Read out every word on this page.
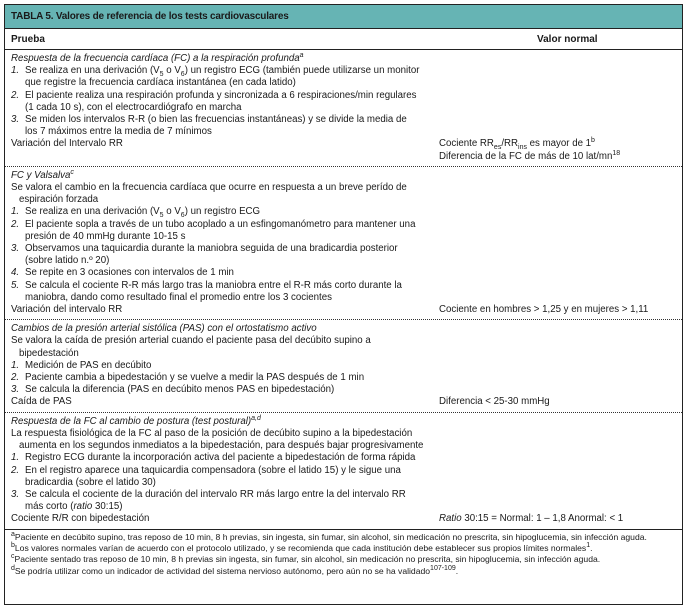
TABLA 5. Valores de referencia de los tests cardiovasculares
Prueba	Valor normal
Respuesta de la frecuencia cardíaca (FC) a la respiración profunda$^a$
1. Se realiza en una derivación ($V_5$ o $V_6$) un registro ECG (también puede utilizarse un monitor que registre la frecuencia cardíaca instantánea (en cada latido)
2. El paciente realiza una respiración profunda y sincronizada a 6 respiraciones/min regulares (1 cada 10 s), con el electrocardiógrafo en marcha
3. Se miden los intervalos R-R (o bien las frecuencias instantáneas) y se divide la media de los 7 máximos entre la media de 7 mínimos
Variación del Intervalo RR	Cociente $RR_{es}/RR_{ins}$ es mayor de 1$^b$
Diferencia de la FC de más de 10 lat/$mn^{18}$
FC y Valsalva$^c$
Se valora el cambio en la frecuencia cardíaca que ocurre en respuesta a un breve perído de espiración forzada
1. Se realiza en una derivación ($V_5$ o $V_6$) un registro ECG
2. El paciente sopla a través de un tubo acoplado a un esfingomanómetro para mantener una presión de 40 mmHg durante 10-15 s
3. Observamos una taquicardia durante la maniobra seguida de una bradicardia posterior (sobre latido n.º 20)
4. Se repite en 3 ocasiones con intervalos de 1 min
5. Se calcula el cociente R-R más largo tras la maniobra entre el R-R más corto durante la maniobra, dando como resultado final el promedio entre los 3 cocientes
Variación del intervalo RR	Cociente en hombres > 1,25 y en mujeres > 1,11
Cambios de la presión arterial sistólica (PAS) con el ortostatismo activo
Se valora la caída de presión arterial cuando el paciente pasa del decúbito supino a bipedestación
1. Medición de PAS en decúbito
2. Paciente cambia a bipedestación y se vuelve a medir la PAS después de 1 min
3. Se calcula la diferencia (PAS en decúbito menos PAS en bipedestación)
Caída de PAS	Diferencia < 25-30 mmHg
Respuesta de la FC al cambio de postura (test postural)$^{a,d}$
La respuesta fisiológica de la FC al paso de la posición de decúbito supino a la bipedestación aumenta en los segundos inmediatos a la bipedestación, para después bajar progresivamente
1. Registro ECG durante la incorporación activa del paciente a bipedestación de forma rápida
2. En el registro aparece una taquicardia compensadora (sobre el latido 15) y le sigue una bradicardia (sobre el latido 30)
3. Se calcula el cociente de la duración del intervalo RR más largo entre la del intervalo RR más corto (ratio 30:15)
Cociente R/R con bipedestación	Ratio 30:15 = Normal: 1 – 1,8 Anormal: < 1
$^a$Paciente en decúbito supino, tras reposo de 10 min, 8 h previas, sin ingesta, sin fumar, sin alcohol, sin medicación no prescrita, sin hipoglucemia, sin infección aguda.
$^b$Los valores normales varían de acuerdo con el protocolo utilizado, y se recomienda que cada institución debe establecer sus propios límites normales$^1$.
$^c$Paciente sentado tras reposo de 10 min, 8 h previas sin ingesta, sin fumar, sin alcohol, sin medicación no prescrita, sin hipoglucemia, sin infección aguda.
$^d$Se podría utilizar como un indicador de actividad del sistema nervioso autónomo, pero aún no se ha validado$^{107-109}$.
